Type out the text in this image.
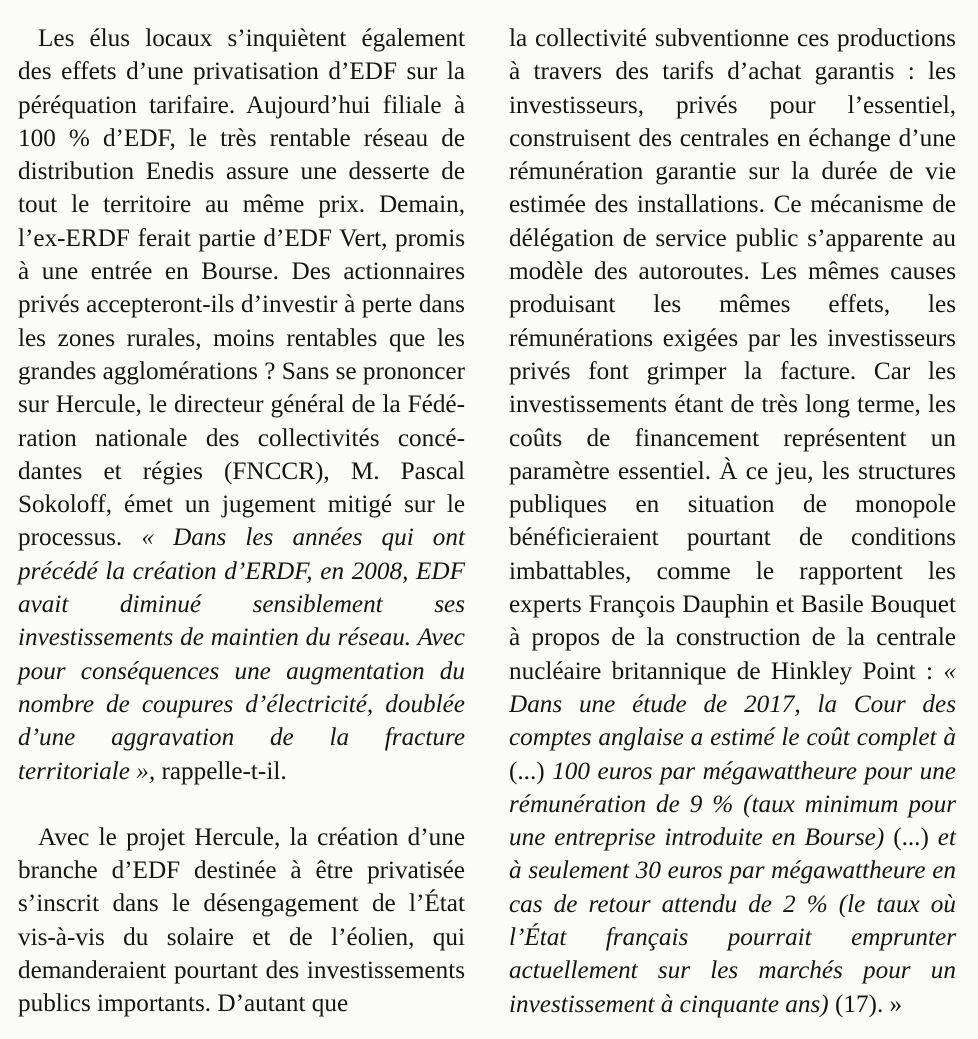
Les élus locaux s’inquiètent également des effets d’une privatisation d’EDF sur la péréquation tarifaire. Aujourd’hui filiale à 100 % d’EDF, le très rentable réseau de distribution Enedis assure une desserte de tout le territoire au même prix. Demain, l’ex-ERDF ferait partie d’EDF Vert, promis à une entrée en Bourse. Des actionnaires privés accepteront-ils d’investir à perte dans les zones rurales, moins rentables que les grandes agglomérations ? Sans se prononcer sur Hercule, le directeur général de la Fédération nationale des collectivités concédantes et régies (FNCCR), M. Pascal Sokoloff, émet un jugement mitigé sur le processus. « Dans les années qui ont précédé la création d’ERDF, en 2008, EDF avait diminué sensiblement ses investissements de maintien du réseau. Avec pour conséquences une augmentation du nombre de coupures d’électricité, doublée d’une aggravation de la fracture territoriale », rappelle-t-il.

Avec le projet Hercule, la création d’une branche d’EDF destinée à être privatisée s’inscrit dans le désengagement de l’État vis-à-vis du solaire et de l’éolien, qui demanderaient pourtant des investissements publics importants. D’autant que

la collectivité subventionne ces productions à travers des tarifs d’achat garantis : les investisseurs, privés pour l’essentiel, construisent des centrales en échange d’une rémunération garantie sur la durée de vie estimée des installations. Ce mécanisme de délégation de service public s’apparente au modèle des autoroutes. Les mêmes causes produisant les mêmes effets, les rémunérations exigées par les investisseurs privés font grimper la facture. Car les investissements étant de très long terme, les coûts de financement représentent un paramètre essentiel. À ce jeu, les structures publiques en situation de monopole bénéficieraient pourtant de conditions imbattables, comme le rapportent les experts François Dauphin et Basile Bouquet à propos de la construction de la centrale nucléaire britannique de Hinkley Point : « Dans une étude de 2017, la Cour des comptes anglaise a estimé le coût complet à (...) 100 euros par mégawattheure pour une rémunération de 9 % (taux minimum pour une entreprise introduite en Bourse) (...) et à seulement 30 euros par mégawattheure en cas de retour attendu de 2 % (le taux où l’État français pourrait emprunter actuellement sur les marchés pour un investissement à cinquante ans) (17). »
